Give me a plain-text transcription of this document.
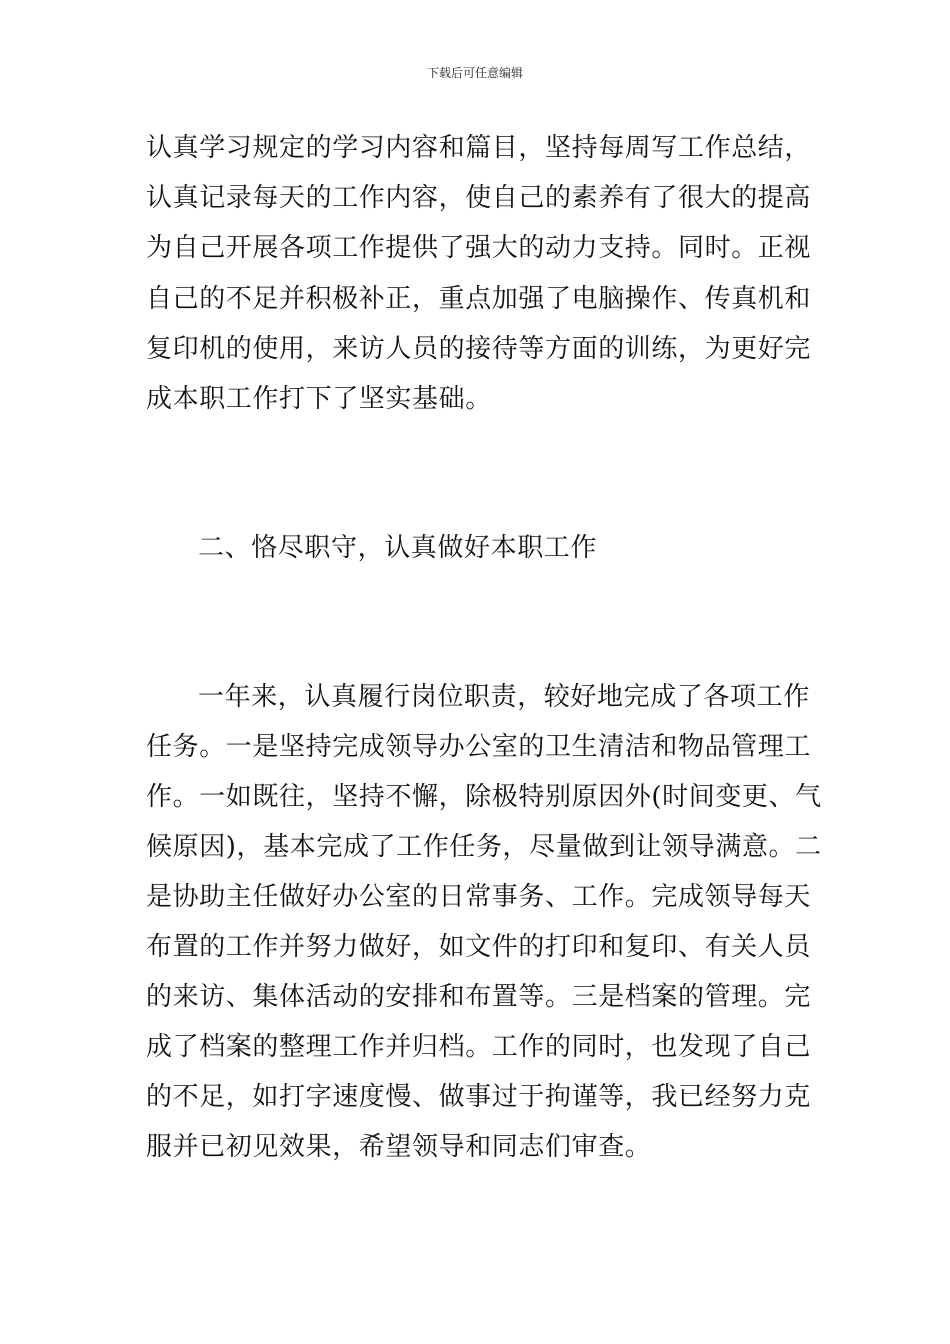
下载后可任意编辑
认真学习规定的学习内容和篇目，坚持每周写工作总结，
认真记录每天的工作内容，使自己的素养有了很大的提高
为自己开展各项工作提供了强大的动力支持。同时。正视
自己的不足并积极补正，重点加强了电脑操作、传真机和
复印机的使用，来访人员的接待等方面的训练，为更好完
成本职工作打下了坚实基础。
二、恪尽职守，认真做好本职工作
一年来，认真履行岗位职责，较好地完成了各项工作
任务。一是坚持完成领导办公室的卫生清洁和物品管理工
作。一如既往，坚持不懈，除极特别原因外(时间变更、气
候原因)，基本完成了工作任务，尽量做到让领导满意。二
是协助主任做好办公室的日常事务、工作。完成领导每天
布置的工作并努力做好，如文件的打印和复印、有关人员
的来访、集体活动的安排和布置等。三是档案的管理。完
成了档案的整理工作并归档。工作的同时，也发现了自己
的不足，如打字速度慢、做事过于拘谨等，我已经努力克
服并已初见效果，希望领导和同志们审查。
